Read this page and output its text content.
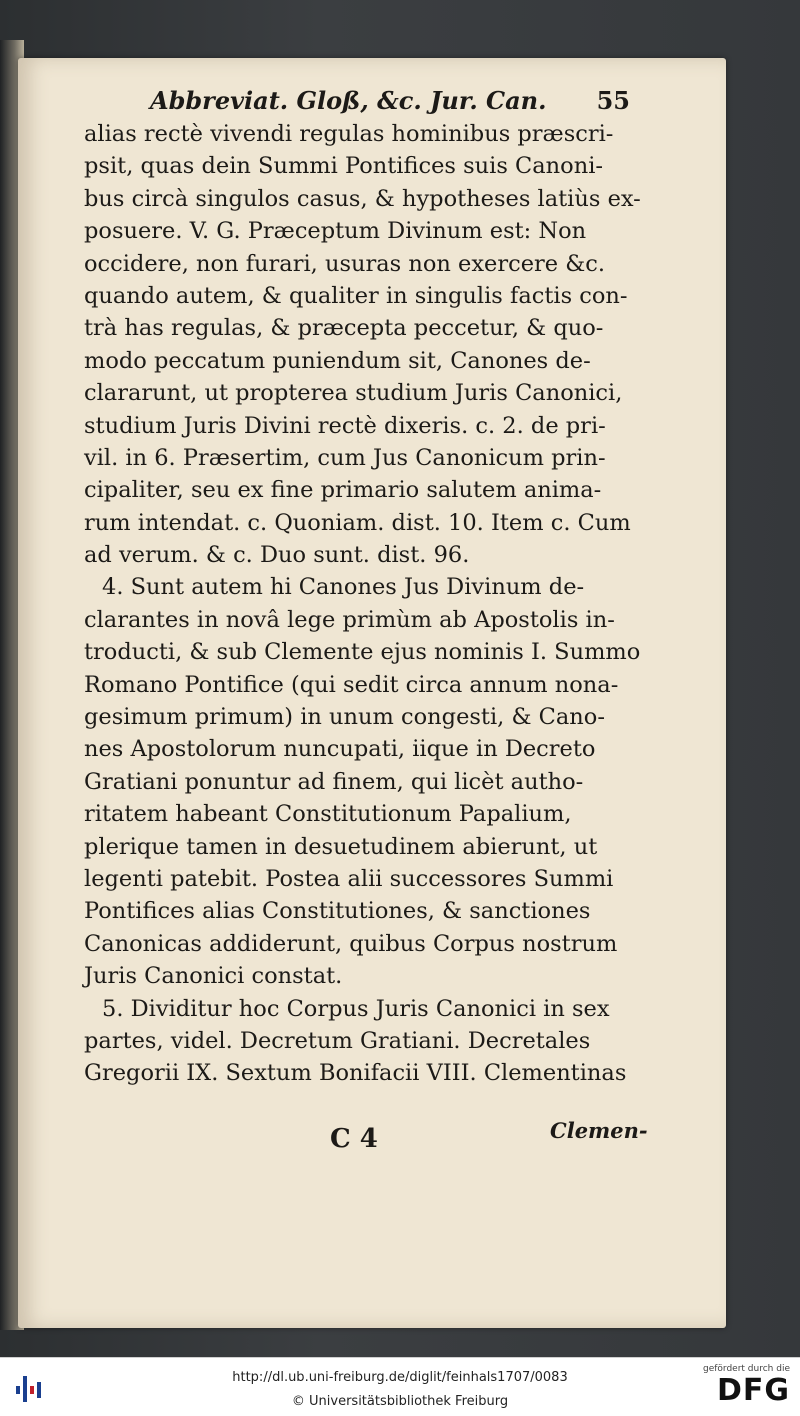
Abbreviat. Gloß, &c. Jur. Can. 55
alias rectè vivendi regulas hominibus præscri-
psit, quas dein Summi Pontifices suis Canoni-
bus circà singulos casus, & hypotheses latiùs ex-
posuere. V. G. Præceptum Divinum est: Non
occidere, non furari, usuras non exercere &c.
quando autem, & qualiter in singulis factis con-
trà has regulas, & præcepta peccetur, & quo-
modo peccatum puniendum sit, Canones de-
clararunt, ut propterea studium Juris Canonici,
studium Juris Divini rectè dixeris. c. 2. de pri-
vil. in 6. Præsertim, cum Jus Canonicum prin-
cipaliter, seu ex fine primario salutem anima-
rum intendat. c. Quoniam. dist. 10. Item c. Cum
ad verum. & c. Duo sunt. dist. 96.
4. Sunt autem hi Canones Jus Divinum de-
clarantes in novâ lege primùm ab Apostolis in-
troducti, & sub Clemente ejus nominis I. Summo
Romano Pontifice (qui sedit circa annum nona-
gesimum primum) in unum congesti, & Cano-
nes Apostolorum nuncupati, iique in Decreto
Gratiani ponuntur ad finem, qui licèt autho-
ritatem habeant Constitutionum Papalium,
plerique tamen in desuetudinem abierunt, ut
legenti patebit. Postea alii successores Summi
Pontifices alias Constitutiones, & sanctiones
Canonicas addiderunt, quibus Corpus nostrum
Juris Canonici constat.
5. Dividitur hoc Corpus Juris Canonici in sex
partes, videl. Decretum Gratiani. Decretales
Gregorii IX. Sextum Bonifacii VIII. Clementinas
C 4	Clemen-
http://dl.ub.uni-freiburg.de/diglit/feinhals1707/0083
© Universitätsbibliothek Freiburg
gefördert durch die
DFG
